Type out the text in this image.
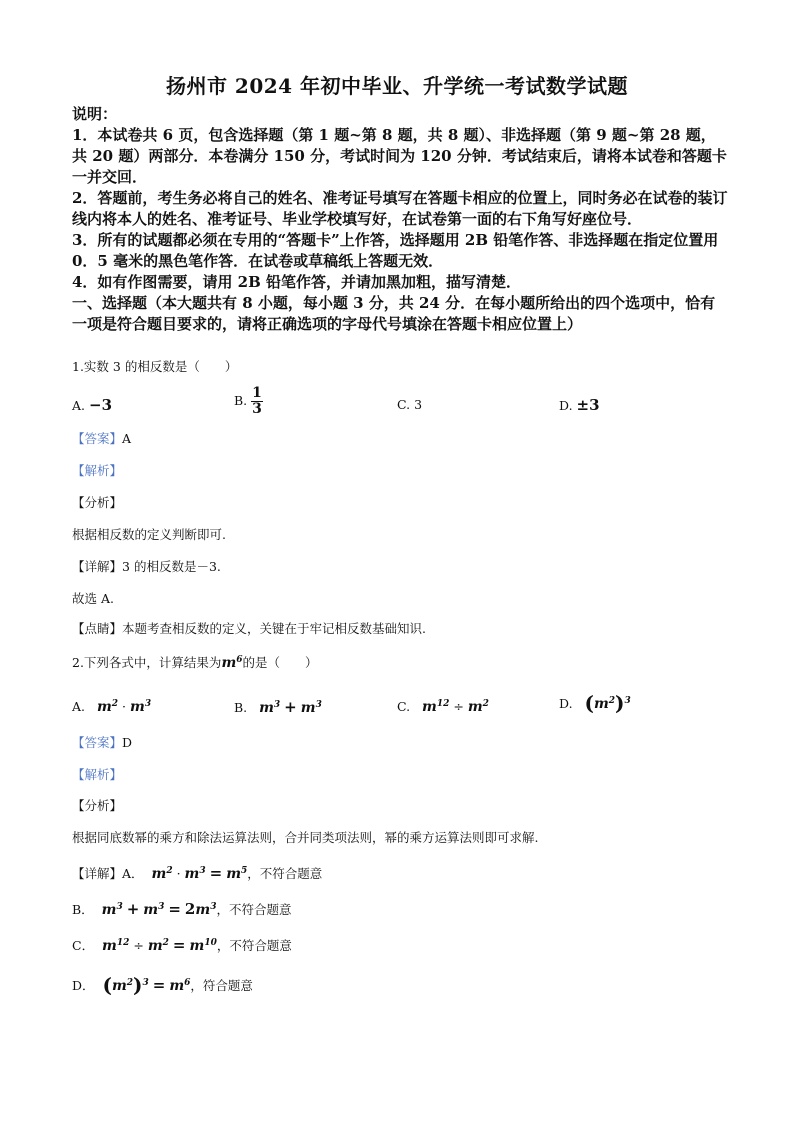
扬州市 2024 年初中毕业、升学统一考试数学试题

说明：

1．本试卷共 6 页，包含选择题（第 1 题~第 8 题，共 8 题）、非选择题（第 9 题~第 28 题，共 20 题）两部分．本卷满分 150 分，考试时间为 120 分钟．考试结束后，请将本试卷和答题卡一并交回．

2．答题前，考生务必将自己的姓名、准考证号填写在答题卡相应的位置上，同时务必在试卷的装订线内将本人的姓名、准考证号、毕业学校填写好，在试卷第一面的右下角写好座位号．

3．所有的试题都必须在专用的“答题卡”上作答，选择题用 2B 铅笔作答、非选择题在指定位置用 0．5 毫米的黑色笔作答．在试卷或草稿纸上答题无效．

4．如有作图需要，请用 2B 铅笔作答，并请加黑加粗，描写清楚．

一、选择题（本大题共有 8 小题，每小题 3 分，共 24 分．在每小题所给出的四个选项中，恰有一项是符合题目要求的，请将正确选项的字母代号填涂在答题卡相应位置上）

1.实数 3 的相反数是（　　）
A. −3	B. $\frac{1}{3}$	C. 3	D. ±3
【答案】A
【解析】
【分析】
根据相反数的定义判断即可.
【详解】3 的相反数是－3.
故选 A.
【点睛】本题考查相反数的定义，关键在于牢记相反数基础知识.
2.下列各式中，计算结果为$m^6$的是（　　）
A. $m^2 \cdot m^3$	B. $m^3 + m^3$	C. $m^{12} \div m^2$	D. $(m^2)^3$
【答案】D
【解析】
【分析】
根据同底数幂的乘方和除法运算法则，合并同类项法则，幂的乘方运算法则即可求解.
【详解】A． $m^2 \cdot m^3 = m^5$，不符合题意
B． $m^3 + m^3 = 2m^3$，不符合题意
C． $m^{12} \div m^2 = m^{10}$，不符合题意
D． $(m^2)^3 = m^6$，符合题意
